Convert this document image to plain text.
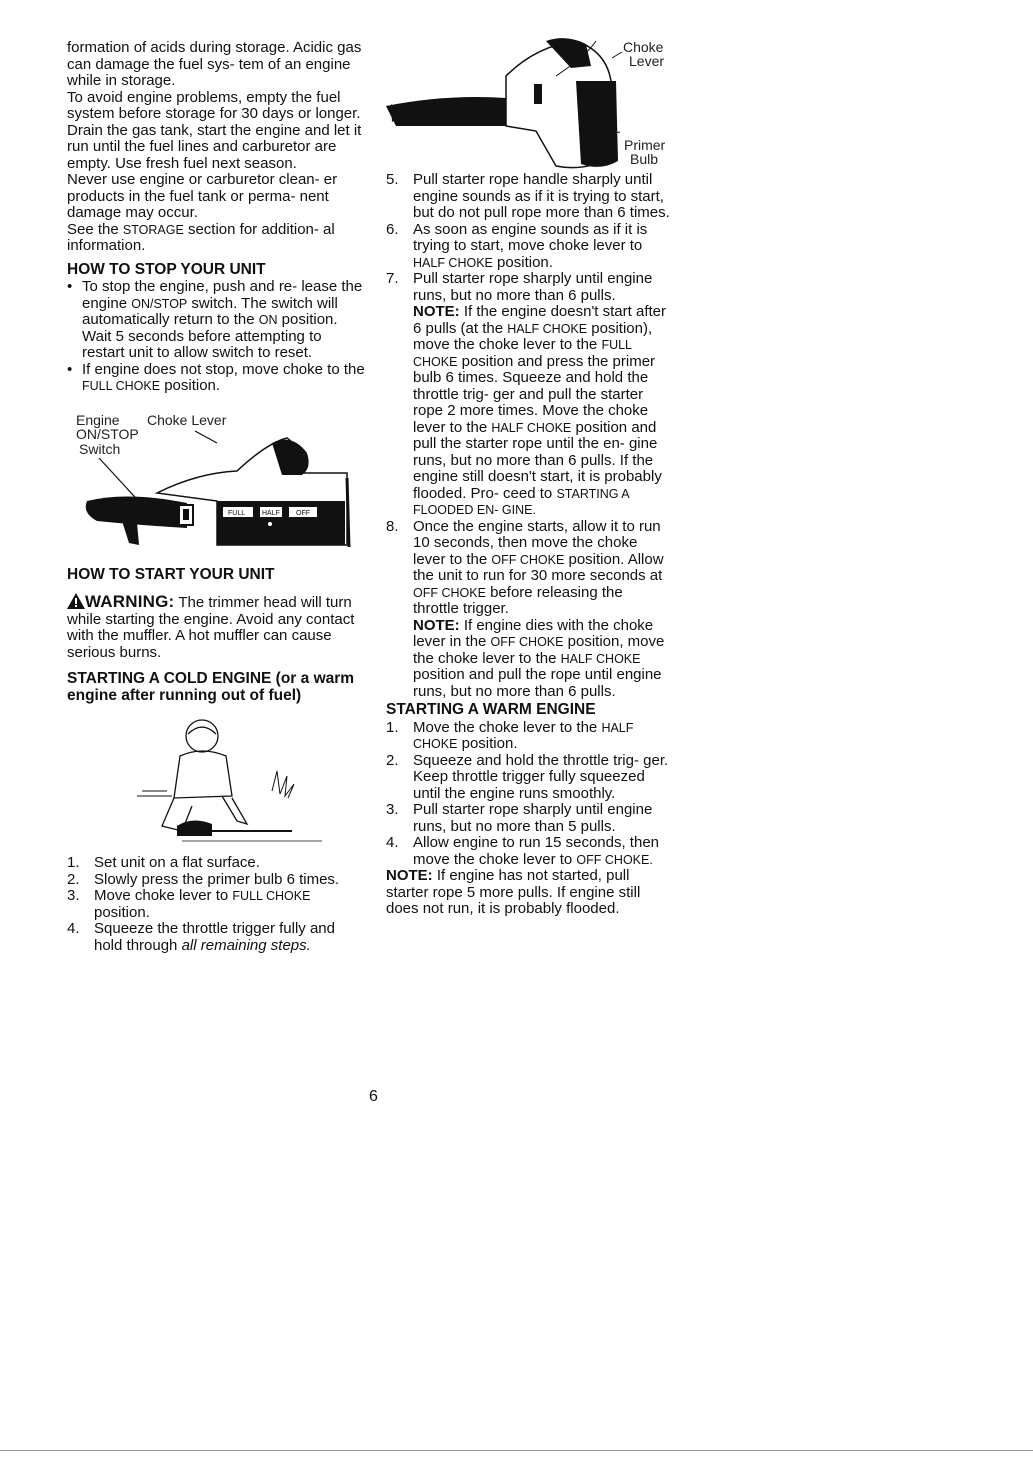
formation of acids during storage. Acidic gas can damage the fuel sys- tem of an engine while in storage.

To avoid engine problems, empty the fuel system before storage for 30 days or longer. Drain the gas tank, start the engine and let it run until the fuel lines and carburetor are empty. Use fresh fuel next season.

Never use engine or carburetor clean- er products in the fuel tank or perma- nent damage may occur.

See the STORAGE section for addition- al information.

HOW TO STOP YOUR UNIT

• To stop the engine, push and re- lease the engine ON/STOP switch. The switch will automatically return to the ON position. Wait 5 seconds before attempting to restart unit to allow switch to reset.

• If engine does not stop, move choke to the FULL CHOKE position.

Engine
ON/STOP
Switch
Choke Lever
FULL HALF OFF

HOW TO START YOUR UNIT

WARNING: The trimmer head will turn while starting the engine. Avoid any contact with the muffler. A hot muffler can cause serious burns.

STARTING A COLD ENGINE (or a warm engine after running out of fuel)

1. Set unit on a flat surface.

2. Slowly press the primer bulb 6 times.

3. Move choke lever to FULL CHOKE position.

4. Squeeze the throttle trigger fully and hold through all remaining steps.

Choke
Lever
Primer
Bulb

5. Pull starter rope handle sharply until engine sounds as if it is trying to start, but do not pull rope more than 6 times.

6. As soon as engine sounds as if it is trying to start, move choke lever to HALF CHOKE position.

7. Pull starter rope sharply until engine runs, but no more than 6 pulls.

NOTE: If the engine doesn't start after 6 pulls (at the HALF CHOKE position), move the choke lever to the FULL CHOKE position and press the primer bulb 6 times. Squeeze and hold the throttle trig- ger and pull the starter rope 2 more times. Move the choke lever to the HALF CHOKE position and pull the starter rope until the en- gine runs, but no more than 6 pulls. If the engine still doesn't start, it is probably flooded. Pro- ceed to STARTING A FLOODED EN- GINE.

8. Once the engine starts, allow it to run 10 seconds, then move the choke lever to the OFF CHOKE position. Allow the unit to run for 30 more seconds at OFF CHOKE before releasing the throttle trigger.

NOTE: If engine dies with the choke lever in the OFF CHOKE position, move the choke lever to the HALF CHOKE position and pull the rope until engine runs, but no more than 6 pulls.

STARTING A WARM ENGINE

1. Move the choke lever to the HALF CHOKE position.

2. Squeeze and hold the throttle trig- ger. Keep throttle trigger fully squeezed until the engine runs smoothly.

3. Pull starter rope sharply until engine runs, but no more than 5 pulls.

4. Allow engine to run 15 seconds, then move the choke lever to OFF CHOKE.

NOTE: If engine has not started, pull starter rope 5 more pulls. If engine still does not run, it is probably flooded.

6
